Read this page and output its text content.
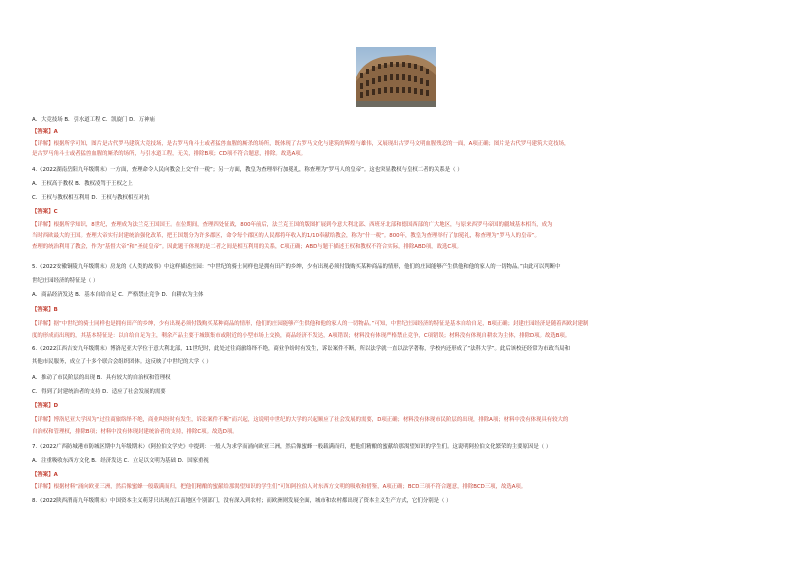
A．大竞技场 B．引水道工程 C．凯旋门 D．万神庙
【答案】A
【详解】根据所学可知，图片是古代罗马建筑大竞技场，是古罗马角斗士或者猛兽血腥的厮杀的场所，既体现了古罗马文化与建筑的辉煌与雄伟，又展现出古罗马文明血腥残忍的一面，A项正确；图片是古代罗马建筑大竞技场，
是古罗马角斗士或者猛兽血腥的厮杀的场所，与引水道工程，无关，排除B项；CD项不符合题意，排除。故选A项。
4.（2022湖南岳阳九年级期末）一方面，查理命令人民向教会上交“什一税”；另一方面，教皇为查理举行加冕礼，称查理为“罗马人的皇帝”。这也突显教权与皇权二者的关系是（ ）
A．王权高于教权 B．教权凌驾于王权之上
C．王权与教权相互利用 D．王权与教权相互对抗
【答案】C
【详解】根据所学知识，8世纪，查理成为法兰克王国国王。在位期间，查理四处征战，800年前后，法兰克王国的版图扩展到今意大利北部、西班牙北部和德国西部的广大地区，与原来西罗马帝国的疆域基本相当，成为
当时西欧最大的王国。查理大帝实行封建统治强化改革，把王国划分为许多郡区，命令每个郡区的人民都将年收入的1/10奉献给教会，称为“什一税”。800年，教皇为查理举行了加冕礼，称查理为“罗马人的皇帝”。
查理的统治利用了教会，作为“基督大帝”和“圣徒皇帝”。因此题干体现的是二者之间是相互利用的关系，C项正确；ABD与题干描述王权和教权不符合实际，排除ABD项，故选C项。
5.（2022安徽铜陵九年级期末）房龙的《人类的故事》中这样描述庄园：“中世纪的骑士同样也是拥有田产的乡绅，少有出现必须付钱购买某种商品的情形，他们的庄园能够产生供他和他的家人的一切物品。”由此可以判断中
世纪庄园经济的特征是（ ）
A．商品经济发达 B．基本自给自足 C．严格禁止竞争 D．自耕农为主体
【答案】B
【详解】据“中世纪的骑士同样也是拥有田产的乡绅，少有出现必须付钱购买某种商品的情形，他们的庄园能够产生供他和他的家人的一切物品。”可知，中世纪庄园经济的特征是基本自给自足，B项正确；封建庄园经济是随着西欧封建制
度的形成而出现的，其基本特征是：以自给自足为主，剩余产品主要于城镇集市或附近的小型市场上交换，商品经济不发达，A项错误；材料没有体现严格禁止竞争，C项错误；材料没有体现自耕农为主体，排除D项。故选B项。
6.（2022江西吉安九年级期末）博洛尼亚大学位于意大利北部，11世纪时，此处过往商旅络绎不绝，商业争纷时有发生，诉讼案件不断，所以法学就一直以法学著称，学校内还形成了“法科大学”。此后该校还经常为市政当局和
其他市民服务，成立了十多个联合会组织团体。这反映了中世纪的大学（ ）
A．推动了市民阶层的出现 B．具有较大的自治权和管理权
C．得到了封建统治者的支持 D．适应了社会发展的需要
【答案】D
【详解】博洛尼亚大学因为“过往商旅络绎不绝，商业纠纷时有发生，诉讼案件不断”而兴起，这说明中世纪的大学的兴起顺应了社会发展的需要，D项正确；材料没有体现市民阶层的出现，排除A项；材料中没有体现具有较大的
自治权和管理权，排除B项；材料中没有体现封建统治者的支持，排除C项。故选D项。
7.（2022广西防城港市防城区期中九年级期末）《阿拉伯文学史》中提到：一般人为求学而涌向欧亚三洲，然后像蜜蜂一般载满而归，把他们精酿的蜜献给那渴望知识的学生们。这说明阿拉伯文化繁荣的主要原因是（ ）
A．注重吸收东西方文化 B．经济发达 C．立足以文明为基础 D．国家重视
【答案】A
【详解】根据材料“涌向欧亚三洲，然后像蜜蜂一般载满而归，把他们精酿的蜜献给那渴望知识的学生们”可知阿拉伯人对东西方文明的吸收和借鉴，A项正确；BCD三项不符合题意，排除BCD三项，故选A项。
8.（2022陕西渭南九年级期末）中国资本主义萌芽只出现在江南地区个别部门，没有深入到农村；而欧洲则发展全面，城市和农村都出现了资本主义生产方式，它们分别是（ ）
